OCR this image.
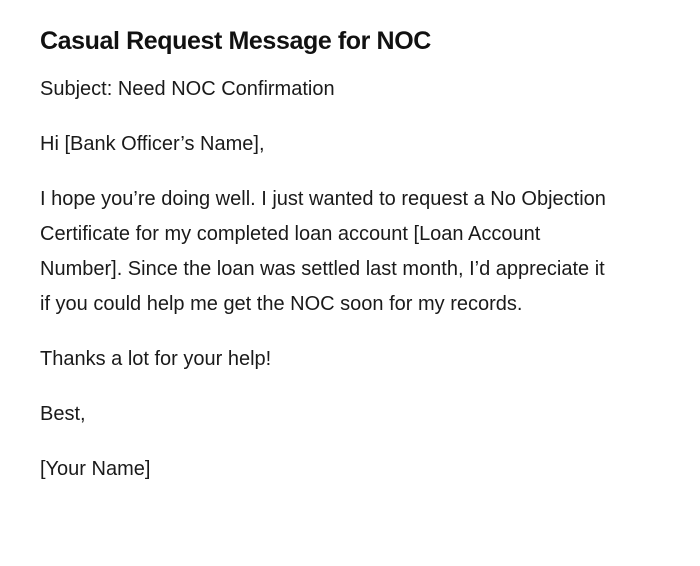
Casual Request Message for NOC

Subject: Need NOC Confirmation

Hi [Bank Officer’s Name],

I hope you’re doing well. I just wanted to request a No Objection Certificate for my completed loan account [Loan Account Number]. Since the loan was settled last month, I’d appreciate it if you could help me get the NOC soon for my records.

Thanks a lot for your help!

Best,

[Your Name]
